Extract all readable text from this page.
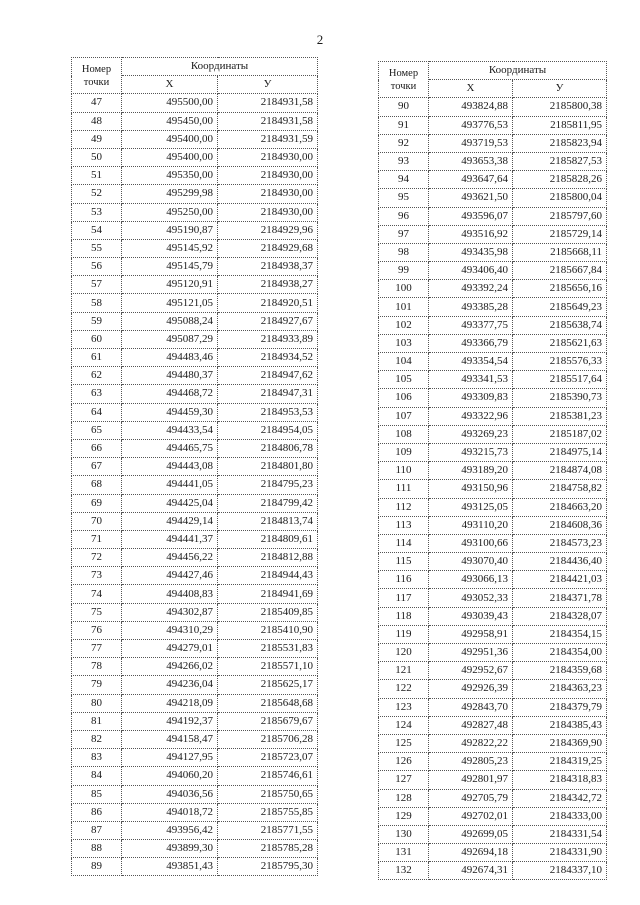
2
Номер
точки	Координаты	
	X	У
47	495500,00	2184931,58
48	495450,00	2184931,58
49	495400,00	2184931,59
50	495400,00	2184930,00
51	495350,00	2184930,00
52	495299,98	2184930,00
53	495250,00	2184930,00
54	495190,87	2184929,96
55	495145,92	2184929,68
56	495145,79	2184938,37
57	495120,91	2184938,27
58	495121,05	2184920,51
59	495088,24	2184927,67
60	495087,29	2184933,89
61	494483,46	2184934,52
62	494480,37	2184947,62
63	494468,72	2184947,31
64	494459,30	2184953,53
65	494433,54	2184954,05
66	494465,75	2184806,78
67	494443,08	2184801,80
68	494441,05	2184795,23
69	494425,04	2184799,42
70	494429,14	2184813,74
71	494441,37	2184809,61
72	494456,22	2184812,88
73	494427,46	2184944,43
74	494408,83	2184941,69
75	494302,87	2185409,85
76	494310,29	2185410,90
77	494279,01	2185531,83
78	494266,02	2185571,10
79	494236,04	2185625,17
80	494218,09	2185648,68
81	494192,37	2185679,67
82	494158,47	2185706,28
83	494127,95	2185723,07
84	494060,20	2185746,61
85	494036,56	2185750,65
86	494018,72	2185755,85
87	493956,42	2185771,55
88	493899,30	2185785,28
89	493851,43	2185795,30
Номер
точки	Координаты	
	X	У
90	493824,88	2185800,38
91	493776,53	2185811,95
92	493719,53	2185823,94
93	493653,38	2185827,53
94	493647,64	2185828,26
95	493621,50	2185800,04
96	493596,07	2185797,60
97	493516,92	2185729,14
98	493435,98	2185668,11
99	493406,40	2185667,84
100	493392,24	2185656,16
101	493385,28	2185649,23
102	493377,75	2185638,74
103	493366,79	2185621,63
104	493354,54	2185576,33
105	493341,53	2185517,64
106	493309,83	2185390,73
107	493322,96	2185381,23
108	493269,23	2185187,02
109	493215,73	2184975,14
110	493189,20	2184874,08
111	493150,96	2184758,82
112	493125,05	2184663,20
113	493110,20	2184608,36
114	493100,66	2184573,23
115	493070,40	2184436,40
116	493066,13	2184421,03
117	493052,33	2184371,78
118	493039,43	2184328,07
119	492958,91	2184354,15
120	492951,36	2184354,00
121	492952,67	2184359,68
122	492926,39	2184363,23
123	492843,70	2184379,79
124	492827,48	2184385,43
125	492822,22	2184369,90
126	492805,23	2184319,25
127	492801,97	2184318,83
128	492705,79	2184342,72
129	492702,01	2184333,00
130	492699,05	2184331,54
131	492694,18	2184331,90
132	492674,31	2184337,10
